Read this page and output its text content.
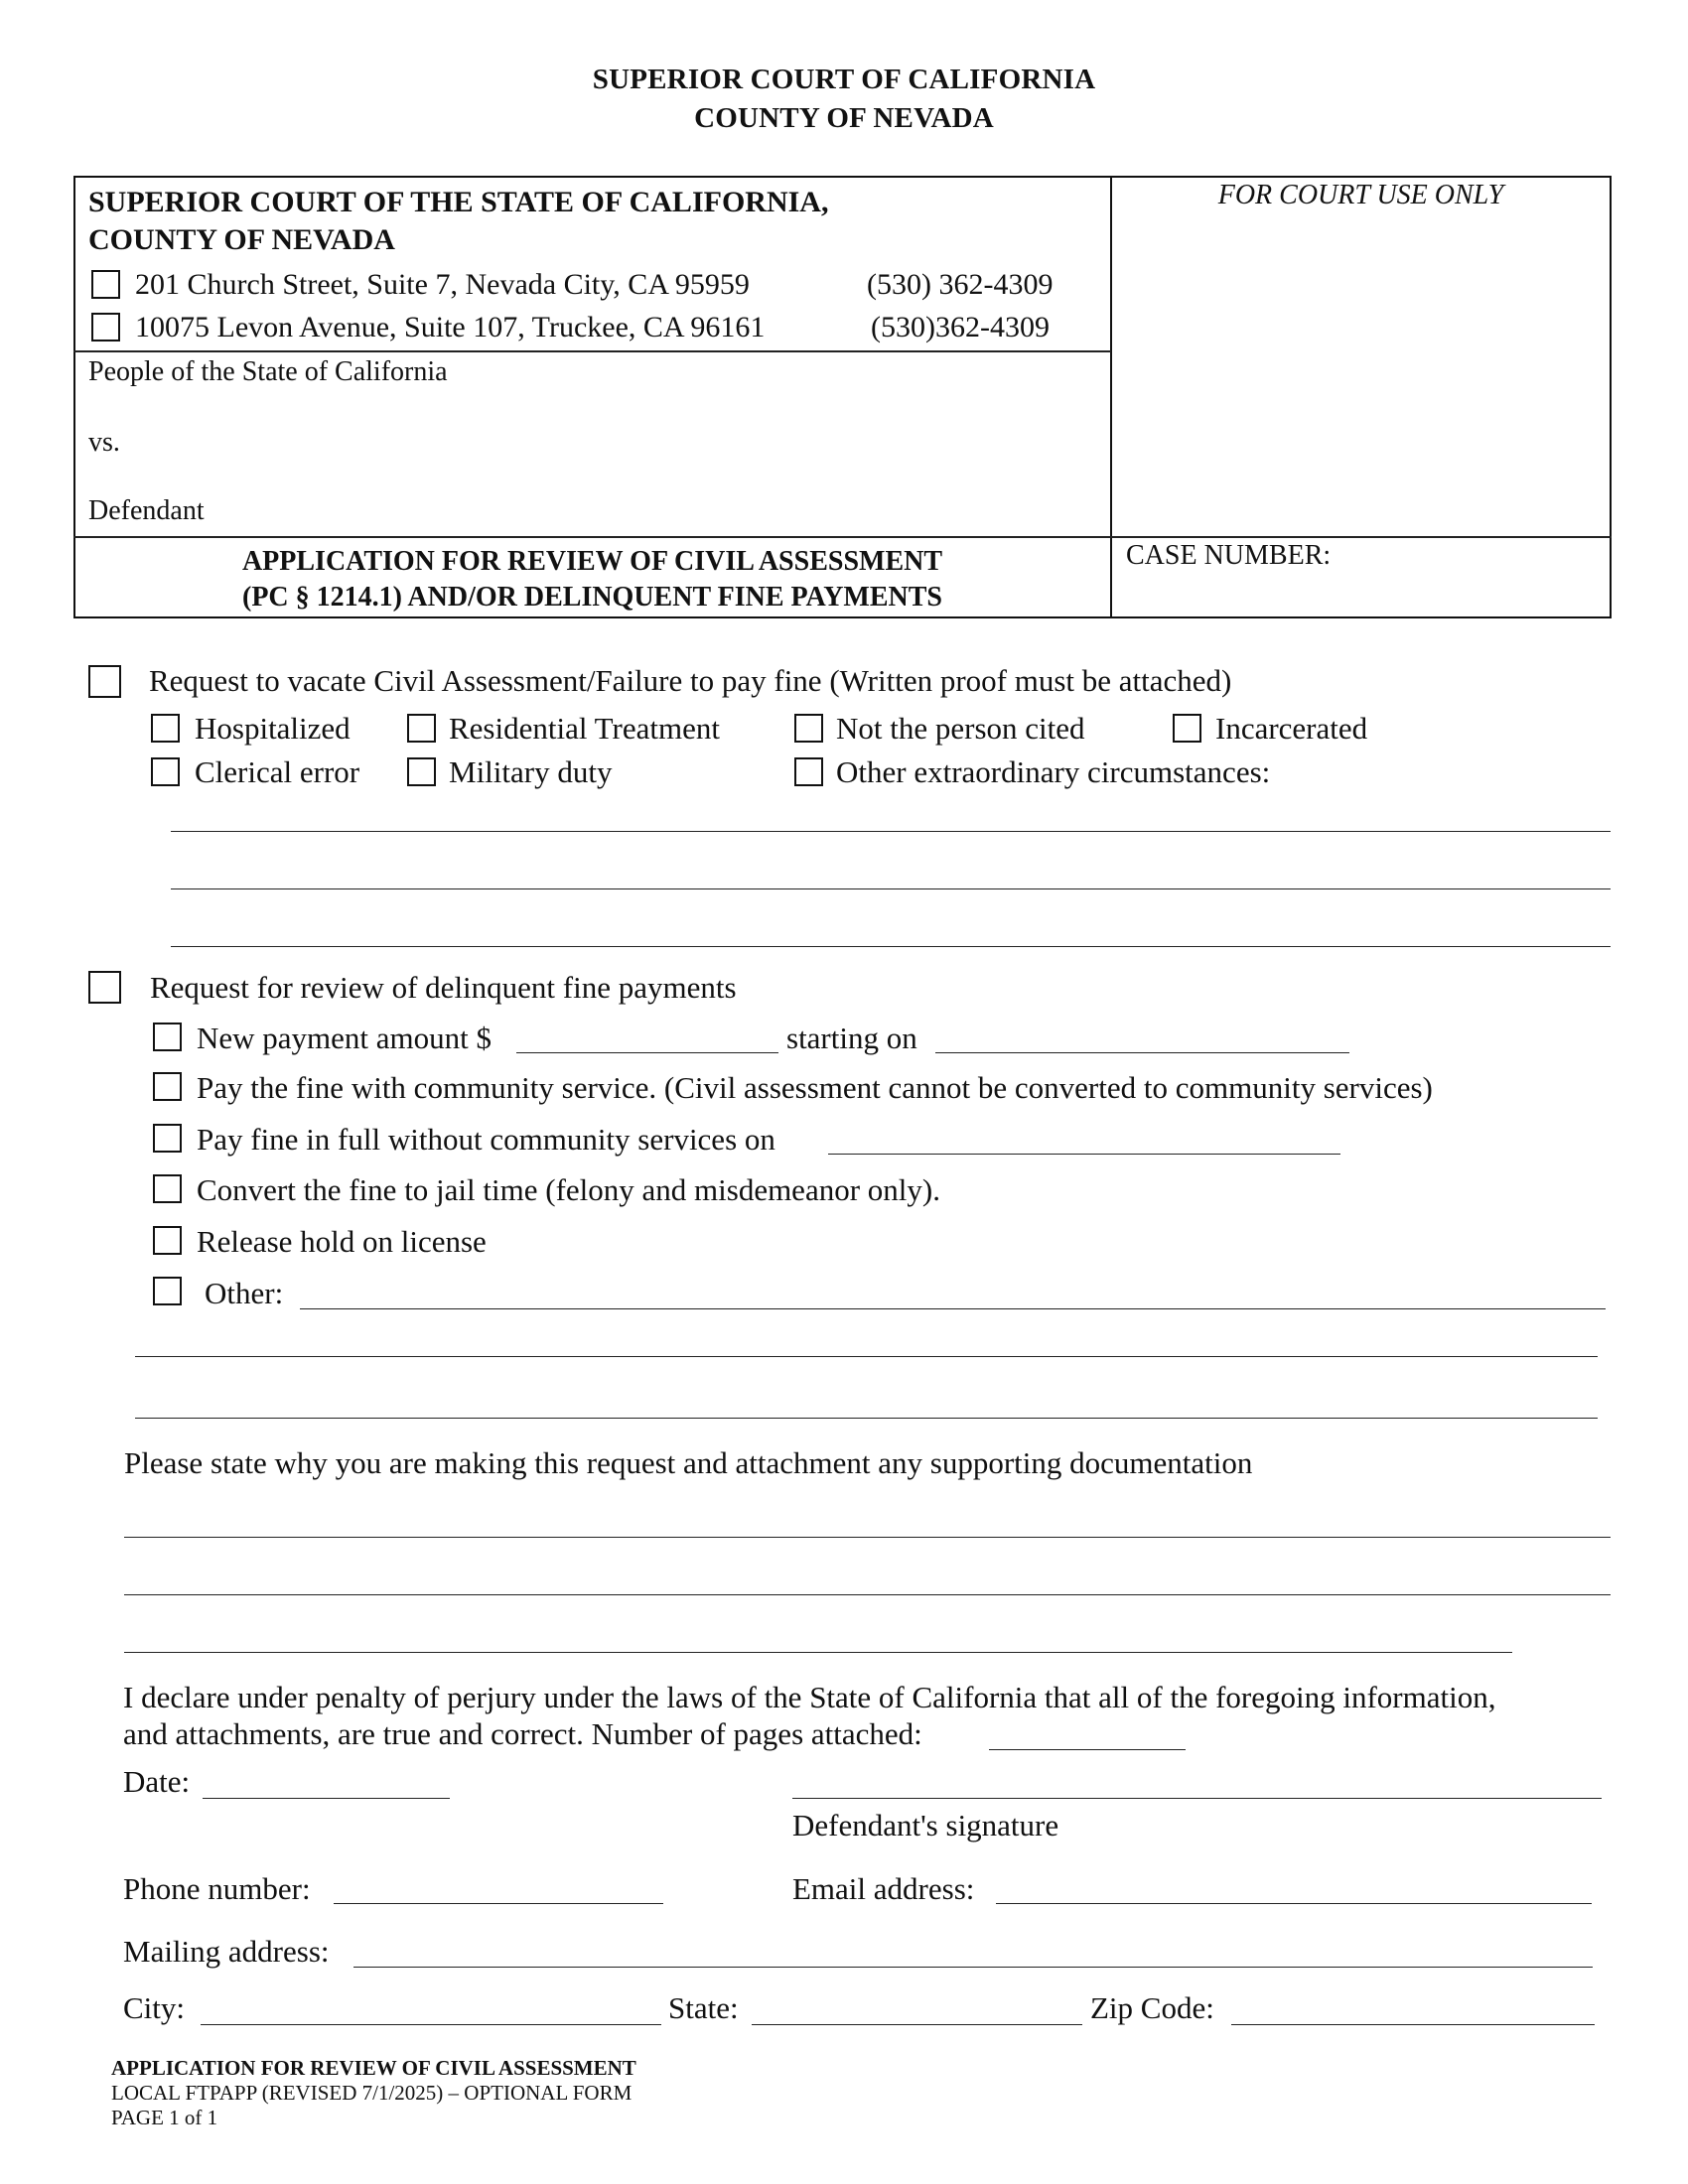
SUPERIOR COURT OF CALIFORNIA
COUNTY OF NEVADA
SUPERIOR COURT OF THE STATE OF CALIFORNIA,
COUNTY OF NEVADA
201 Church Street, Suite 7, Nevada City, CA 95959	(530) 362-4309
10075 Levon Avenue, Suite 107, Truckee, CA 96161	(530)362-4309
People of the State of California
vs.
Defendant
FOR COURT USE ONLY
APPLICATION FOR REVIEW OF CIVIL ASSESSMENT
(PC § 1214.1) AND/OR DELINQUENT FINE PAYMENTS
CASE NUMBER:
Request to vacate Civil Assessment/Failure to pay fine (Written proof must be attached)
Hospitalized	Residential Treatment	Not the person cited	Incarcerated
Clerical error	Military duty	Other extraordinary circumstances:
Request for review of delinquent fine payments
New payment amount $	starting on
Pay the fine with community service. (Civil assessment cannot be converted to community services)
Pay fine in full without community services on
Convert the fine to jail time (felony and misdemeanor only).
Release hold on license
Other:
Please state why you are making this request and attachment any supporting documentation
I declare under penalty of perjury under the laws of the State of California that all of the foregoing information,
and attachments, are true and correct. Number of pages attached:
Date:
Defendant's signature
Phone number:	Email address:
Mailing address:
City:	State:	Zip Code:
APPLICATION FOR REVIEW OF CIVIL ASSESSMENT
LOCAL FTPAPP (REVISED 7/1/2025) – OPTIONAL FORM
PAGE 1 of 1
